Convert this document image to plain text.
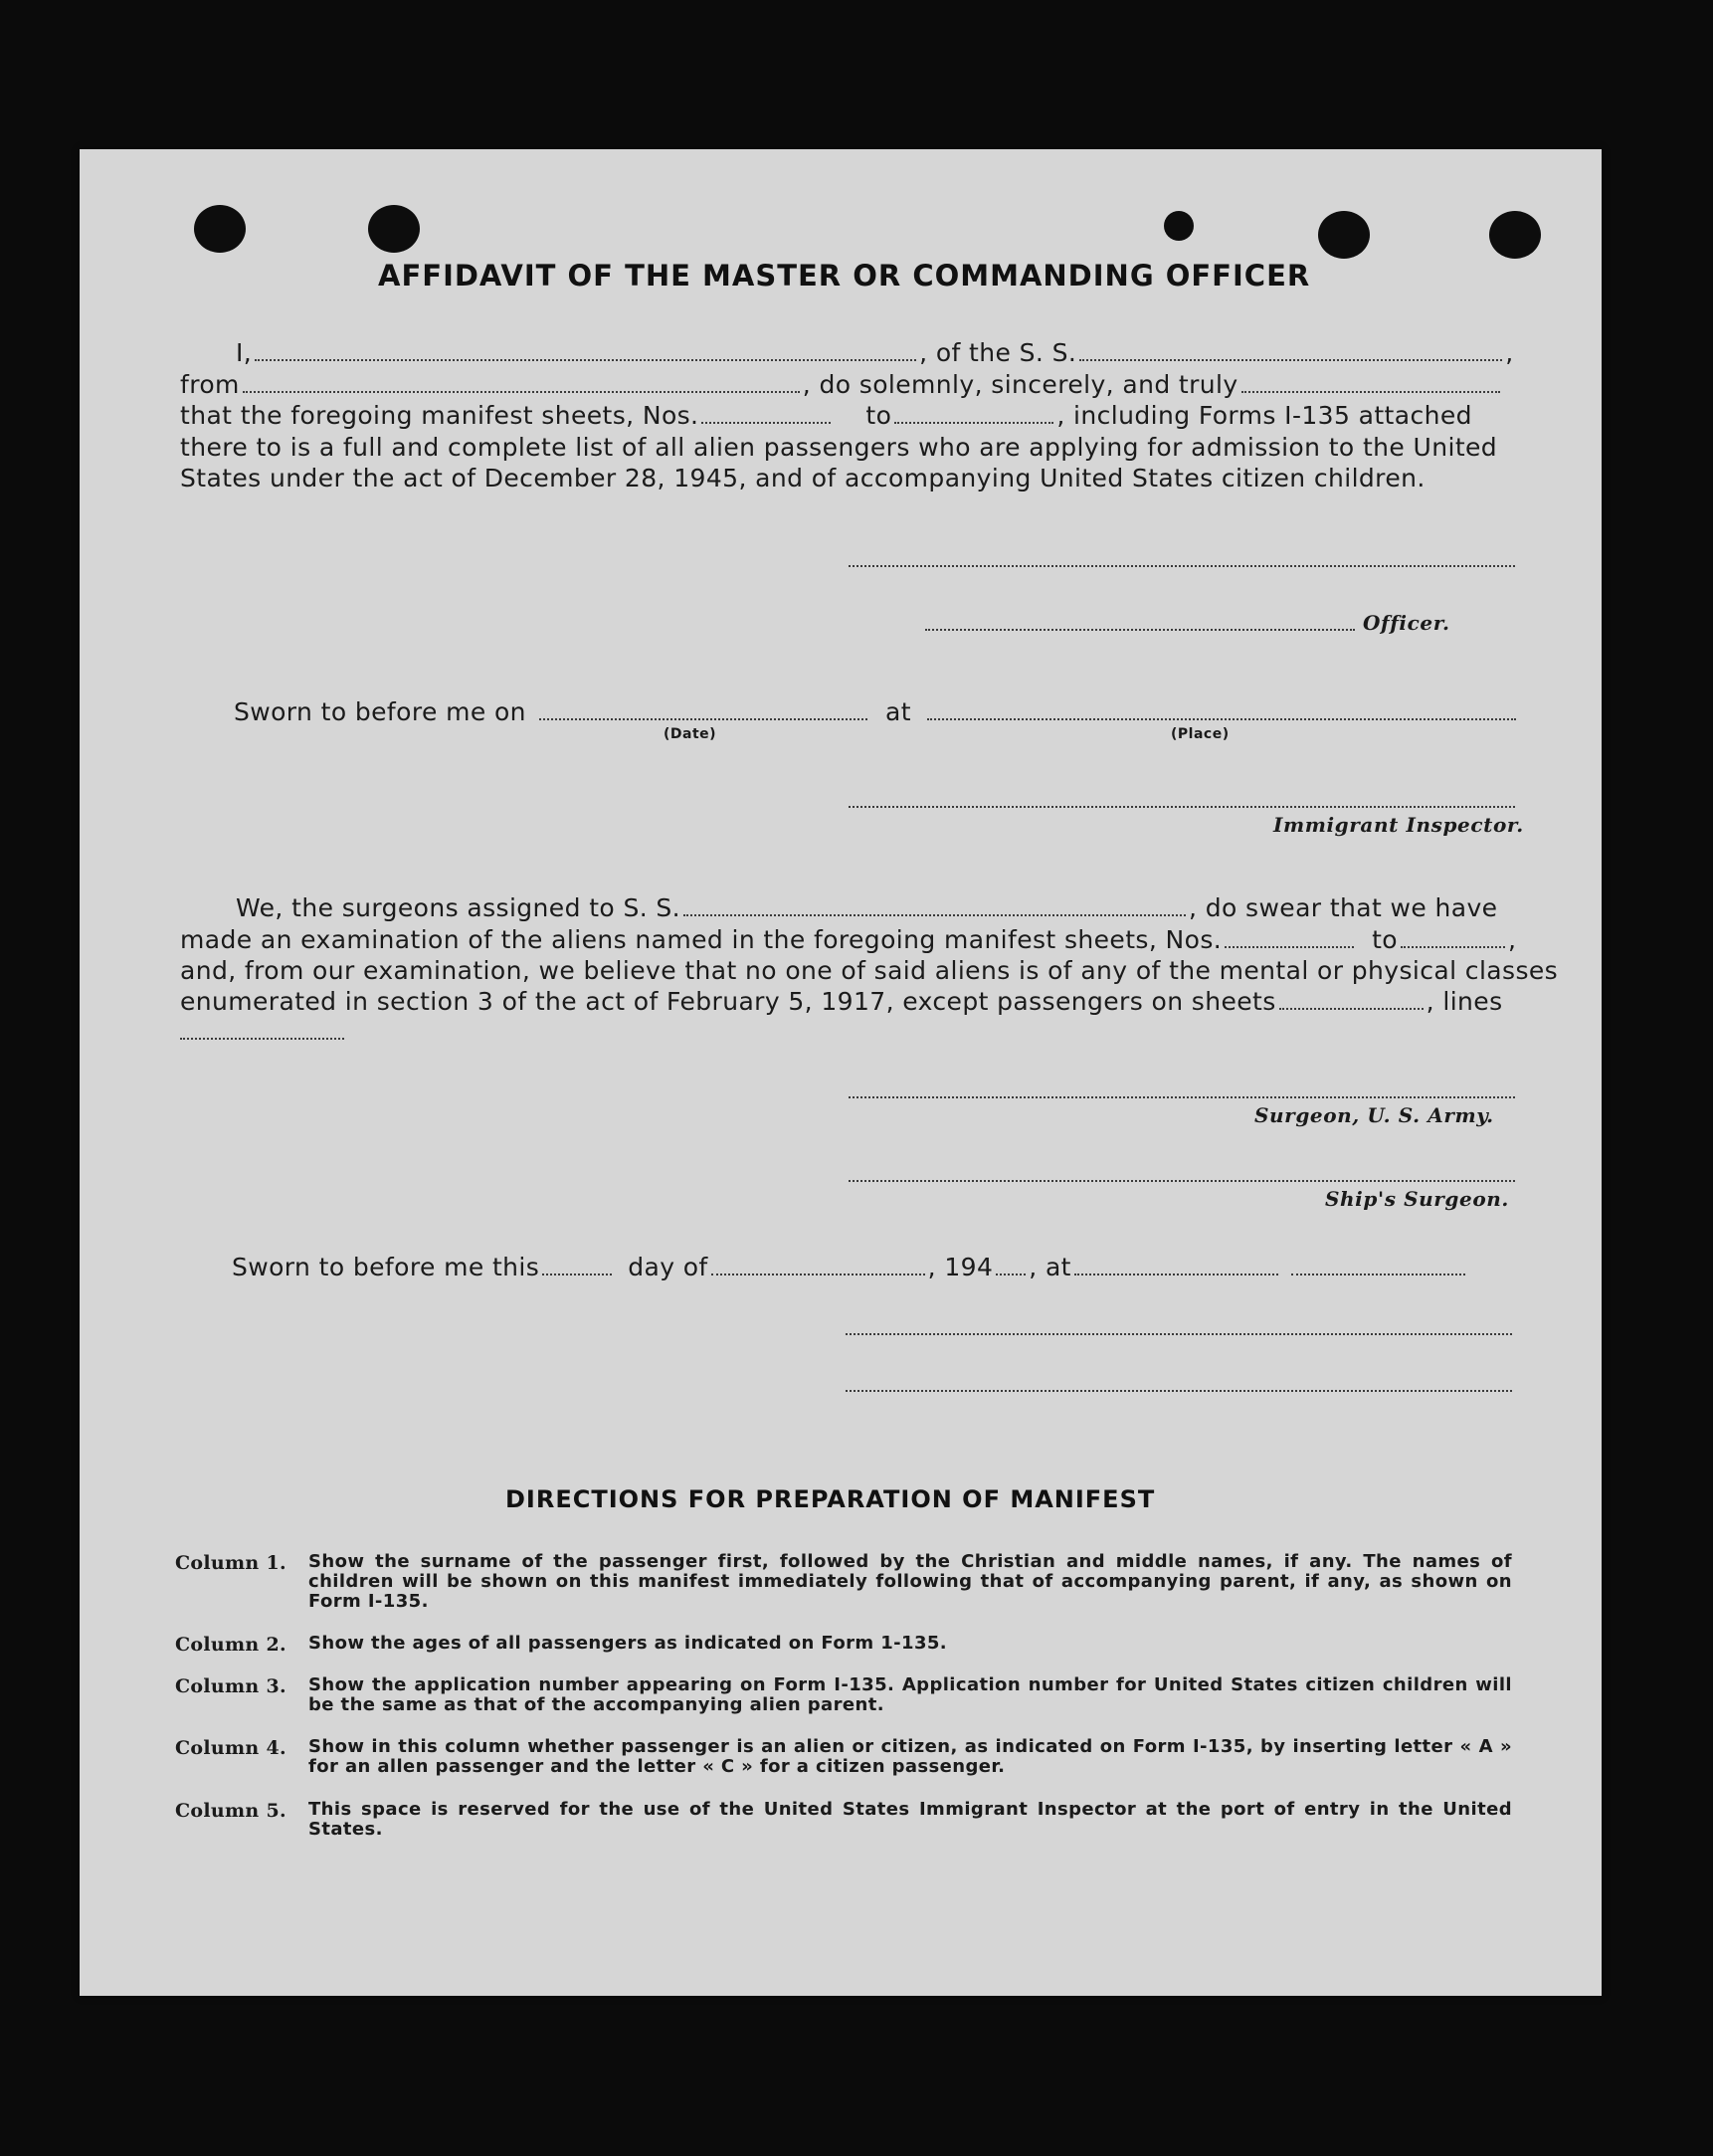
AFFIDAVIT OF THE MASTER OR COMMANDING OFFICER
I,	, of the S. S.	,
from	, do solemnly, sincerely, and truly
that the foregoing manifest sheets, Nos.	to	, including Forms I-135 attached
there to is a full and complete list of all alien passengers who are applying for admission to the United
States under the act of December 28, 1945, and of accompanying United States citizen children.
Officer.
Sworn to before me on	at
(Date)	(Place)
Immigrant Inspector.
We, the surgeons assigned to S. S.	, do swear that we have
made an examination of the aliens named in the foregoing manifest sheets, Nos.	to	,
and, from our examination, we believe that no one of said aliens is of any of the mental or physical classes
enumerated in section 3 of the act of February 5, 1917, except passengers on sheets	, lines
Surgeon, U. S. Army.
Ship's Surgeon.
Sworn to before me this	day of	, 194 , at
DIRECTIONS FOR PREPARATION OF MANIFEST
Column 1. Show the surname of the passenger first, followed by the Christian and middle names, if any. The names of children will be shown on this manifest immediately following that of accompanying parent, if any, as shown on Form I-135.
Column 2. Show the ages of all passengers as indicated on Form 1-135.
Column 3. Show the application number appearing on Form I-135. Application number for United States citizen children will be the same as that of the accompanying alien parent.
Column 4. Show in this column whether passenger is an alien or citizen, as indicated on Form I-135, by inserting letter « A » for an allen passenger and the letter « C » for a citizen passenger.
Column 5. This space is reserved for the use of the United States Immigrant Inspector at the port of entry in the United States.
